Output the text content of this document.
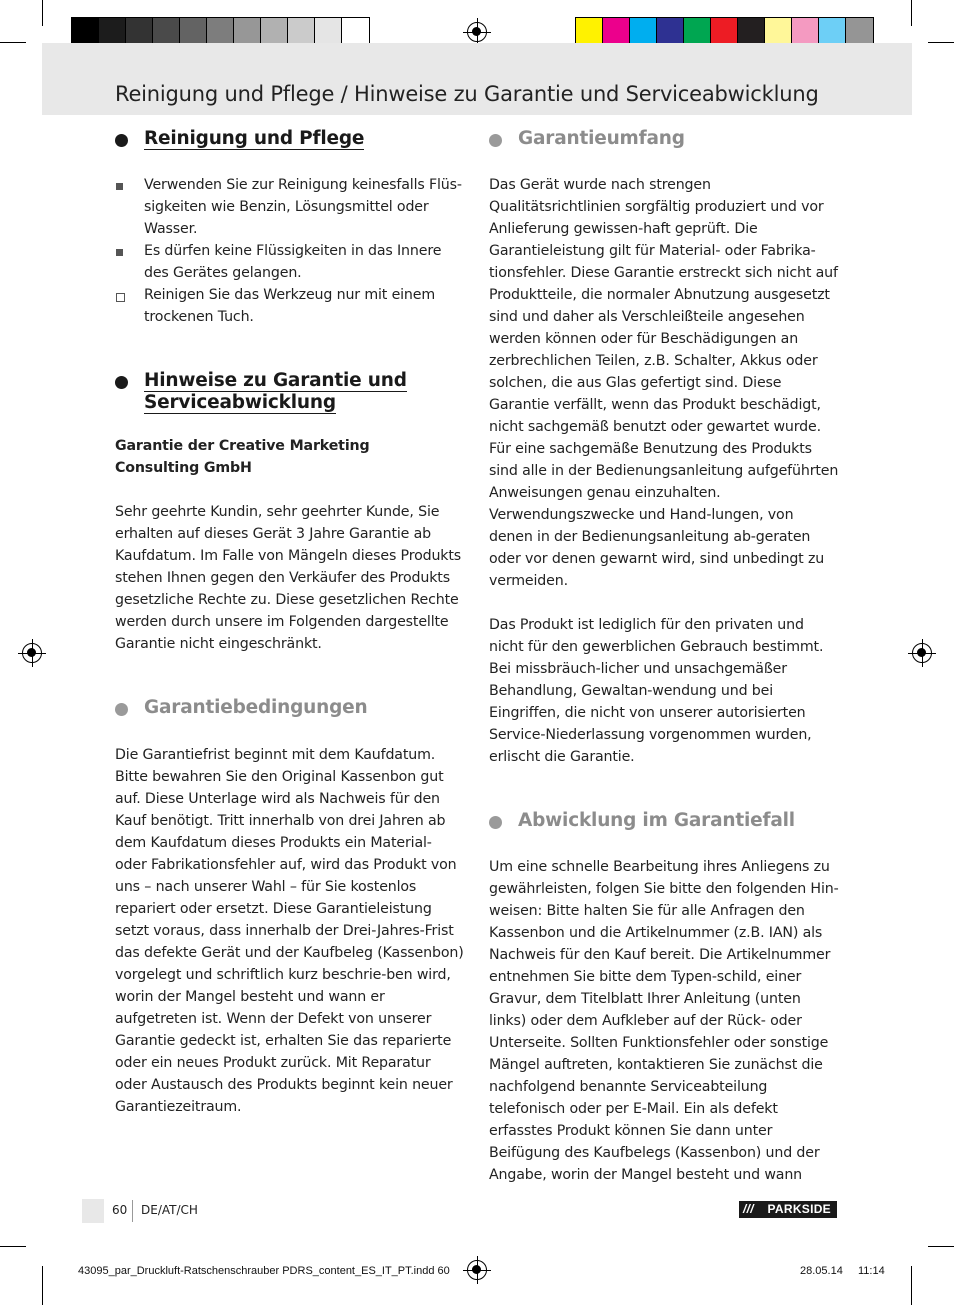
Reinigung und Pflege / Hinweise zu Garantie und Serviceabwicklung
Reinigung und Pflege
Verwenden Sie zur Reinigung keinesfalls Flüs-sigkeiten wie Benzin, Lösungsmittel oder Wasser.
Es dürfen keine Flüssigkeiten in das Innere des Gerätes gelangen.
Reinigen Sie das Werkzeug nur mit einem trockenen Tuch.
Hinweise zu Garantie und
Serviceabwicklung

Garantie der Creative Marketing
Consulting GmbH

Sehr geehrte Kundin, sehr geehrter Kunde, Sie erhalten auf dieses Gerät 3 Jahre Garantie ab Kaufdatum. Im Falle von Mängeln dieses Produkts stehen Ihnen gegen den Verkäufer des Produkts gesetzliche Rechte zu. Diese gesetzlichen Rechte werden durch unsere im Folgenden dargestellte Garantie nicht eingeschränkt.

Garantiebedingungen

Die Garantiefrist beginnt mit dem Kaufdatum. Bitte bewahren Sie den Original Kassenbon gut auf. Diese Unterlage wird als Nachweis für den Kauf benötigt. Tritt innerhalb von drei Jahren ab dem Kaufdatum dieses Produkts ein Material- oder Fabrikationsfehler auf, wird das Produkt von uns – nach unserer Wahl – für Sie kostenlos repariert oder ersetzt. Diese Garantieleistung setzt voraus, dass innerhalb der Drei-Jahres-Frist das defekte Gerät und der Kaufbeleg (Kassenbon) vorgelegt und schriftlich kurz beschrie-ben wird, worin der Mangel besteht und wann er aufgetreten ist. Wenn der Defekt von unserer Garantie gedeckt ist, erhalten Sie das reparierte oder ein neues Produkt zurück. Mit Reparatur oder Austausch des Produkts beginnt kein neuer Garantiezeitraum.

Garantieumfang

Das Gerät wurde nach strengen Qualitätsrichtlinien sorgfältig produziert und vor Anlieferung gewissen-haft geprüft. Die Garantieleistung gilt für Material- oder Fabrika-tionsfehler. Diese Garantie erstreckt sich nicht auf Produktteile, die normaler Abnutzung ausgesetzt sind und daher als Verschleißteile angesehen werden können oder für Beschädigungen an zerbrechlichen Teilen, z.B. Schalter, Akkus oder solchen, die aus Glas gefertigt sind. Diese Garantie verfällt, wenn das Produkt beschädigt, nicht sachgemäß benutzt oder gewartet wurde. Für eine sachgemäße Benutzung des Produkts sind alle in der Bedienungsanleitung aufgeführten Anweisungen genau einzuhalten. Verwendungszwecke und Hand-lungen, von denen in der Bedienungsanleitung ab-geraten oder vor denen gewarnt wird, sind unbedingt zu vermeiden.

Das Produkt ist lediglich für den privaten und nicht für den gewerblichen Gebrauch bestimmt. Bei missbräuch-licher und unsachgemäßer Behandlung, Gewaltan-wendung und bei Eingriffen, die nicht von unserer autorisierten Service-Niederlassung vorgenommen wurden, erlischt die Garantie.

Abwicklung im Garantiefall

Um eine schnelle Bearbeitung ihres Anliegens zu gewährleisten, folgen Sie bitte den folgenden Hin-weisen: Bitte halten Sie für alle Anfragen den Kassenbon und die Artikelnummer (z.B. IAN) als Nachweis für den Kauf bereit. Die Artikelnummer entnehmen Sie bitte dem Typen-schild, einer Gravur, dem Titelblatt Ihrer Anleitung (unten links) oder dem Aufkleber auf der Rück- oder Unterseite. Sollten Funktionsfehler oder sonstige Mängel auftreten, kontaktieren Sie zunächst die nachfolgend benannte Serviceabteilung telefonisch oder per E-Mail. Ein als defekt erfasstes Produkt können Sie dann unter Beifügung des Kaufbelegs (Kassenbon) und der Angabe, worin der Mangel besteht und wann

60 DE/AT/CH	/// PARKSIDE
43095_par_Druckluft-Ratschenschrauber PDRS_content_ES_IT_PT.indd 60	28.05.14 11:14
